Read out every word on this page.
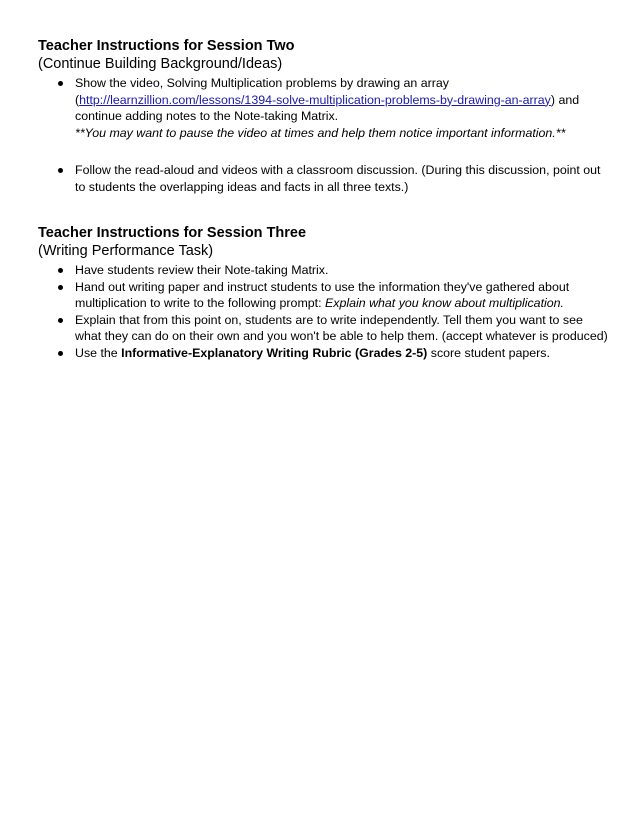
Teacher Instructions for Session Two
(Continue Building Background/Ideas)
Show the video, Solving Multiplication problems by drawing an array
(http://learnzillion.com/lessons/1394-solve-multiplication-problems-by-drawing-an-array) and continue adding notes to the Note-taking Matrix.
**You may want to pause the video at times and help them notice important information.**
Follow the read-aloud and videos with a classroom discussion. (During this discussion, point out to students the overlapping ideas and facts in all three texts.)
Teacher Instructions for Session Three
(Writing Performance Task)
Have students review their Note-taking Matrix.
Hand out writing paper and instruct students to use the information they've gathered about multiplication to write to the following prompt: Explain what you know about multiplication.
Explain that from this point on, students are to write independently. Tell them you want to see what they can do on their own and you won't be able to help them. (accept whatever is produced)
Use the Informative-Explanatory Writing Rubric (Grades 2-5) score student papers.
